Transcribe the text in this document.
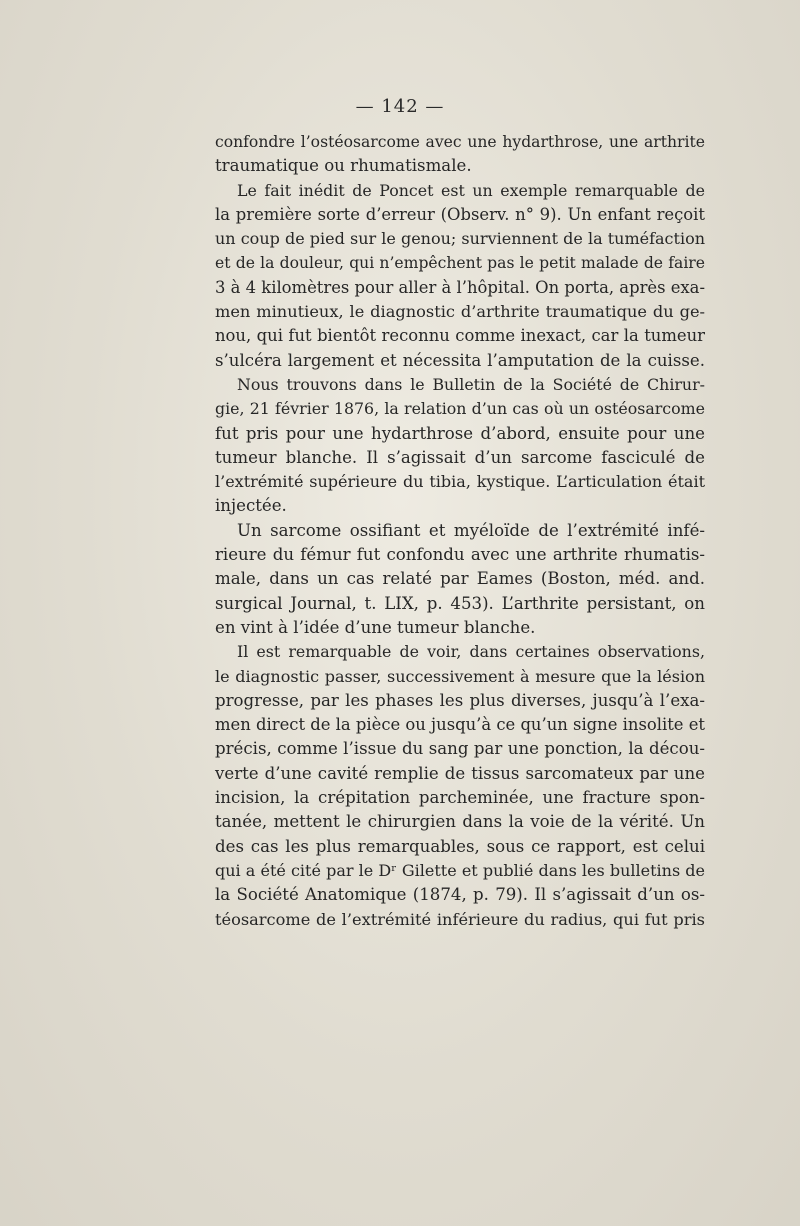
— 142 —
confondre l’ostéosarcome avec une hydarthrose, une arthrite
traumatique ou rhumatismale.
Le fait inédit de Poncet est un exemple remarquable de
la première sorte d’erreur (Observ. n° 9). Un enfant reçoit
un coup de pied sur le genou; surviennent de la tuméfaction
et de la douleur, qui n’empêchent pas le petit malade de faire
3 à 4 kilomètres pour aller à l’hôpital. On porta, après exa-
men minutieux, le diagnostic d’arthrite traumatique du ge-
nou, qui fut bientôt reconnu comme inexact, car la tumeur
s’ulcéra largement et nécessita l’amputation de la cuisse.
Nous trouvons dans le Bulletin de la Société de Chirur-
gie, 21 février 1876, la relation d’un cas où un ostéosarcome
fut pris pour une hydarthrose d’abord, ensuite pour une
tumeur blanche. Il s’agissait d’un sarcome fasciculé de
l’extrémité supérieure du tibia, kystique. L’articulation était
injectée.
Un sarcome ossifiant et myéloïde de l’extrémité infé-
rieure du fémur fut confondu avec une arthrite rhumatis-
male, dans un cas relaté par Eames (Boston, méd. and.
surgical Journal, t. LIX, p. 453). L’arthrite persistant, on
en vint à l’idée d’une tumeur blanche.
Il est remarquable de voir, dans certaines observations,
le diagnostic passer, successivement à mesure que la lésion
progresse, par les phases les plus diverses, jusqu’à l’exa-
men direct de la pièce ou jusqu’à ce qu’un signe insolite et
précis, comme l’issue du sang par une ponction, la décou-
verte d’une cavité remplie de tissus sarcomateux par une
incision, la crépitation parcheminée, une fracture spon-
tanée, mettent le chirurgien dans la voie de la vérité. Un
des cas les plus remarquables, sous ce rapport, est celui
qui a été cité par le Dʳ Gilette et publié dans les bulletins de
la Société Anatomique (1874, p. 79). Il s’agissait d’un os-
téosarcome de l’extrémité inférieure du radius, qui fut pris
